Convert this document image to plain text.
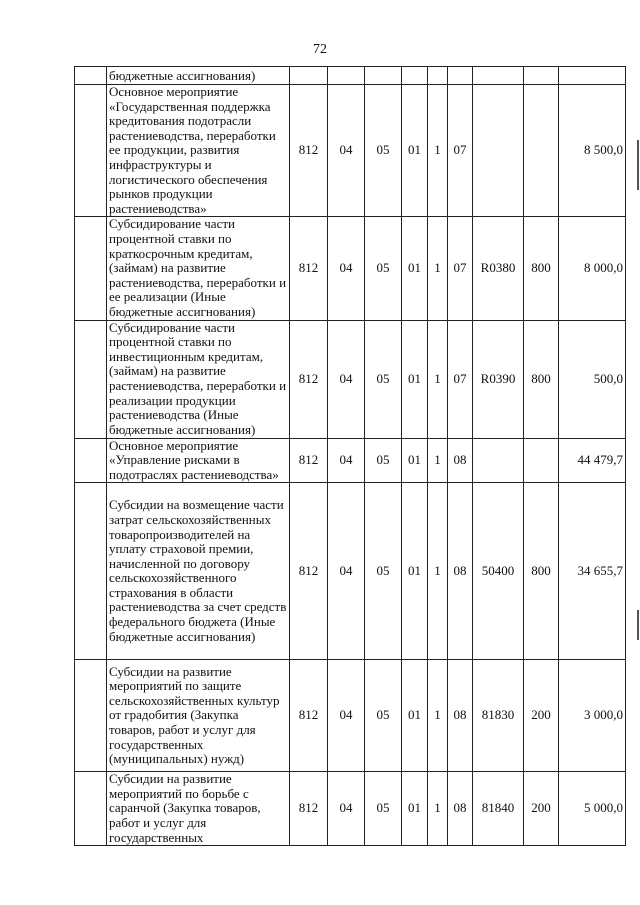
72
	бюджетные ассигнования)									
	Основное мероприятие «Государственная поддержка кредитования подотрасли растениеводства, переработки ее продукции, развития инфраструктуры и логистического обеспечения рынков продукции растениеводства»	812	04	05	01	1	07			8 500,0
	Субсидирование части процентной ставки по краткосрочным кредитам, (займам) на развитие растениеводства, переработки и ее реализации (Иные бюджетные ассигнования)	812	04	05	01	1	07	R0380	800	8 000,0
	Субсидирование части процентной ставки по инвестиционным кредитам, (займам) на развитие растениеводства, переработки и реализации продукции растениеводства (Иные бюджетные ассигнования)	812	04	05	01	1	07	R0390	800	500,0
	Основное мероприятие «Управление рисками в подотраслях растениеводства»	812	04	05	01	1	08			44 479,7
	Субсидии на возмещение части затрат сельскохозяйственных товаропроизводителей на уплату страховой премии, начисленной по договору сельскохозяйственного страхования в области растениеводства за счет средств федерального бюджета (Иные бюджетные ассигнования)	812	04	05	01	1	08	50400	800	34 655,7
	Субсидии на развитие мероприятий по защите сельскохозяйственных культур от градобития (Закупка товаров, работ и услуг для государственных (муниципальных) нужд)	812	04	05	01	1	08	81830	200	3 000,0
	Субсидии на развитие мероприятий по борьбе с саранчой (Закупка товаров, работ и услуг для государственных	812	04	05	01	1	08	81840	200	5 000,0
